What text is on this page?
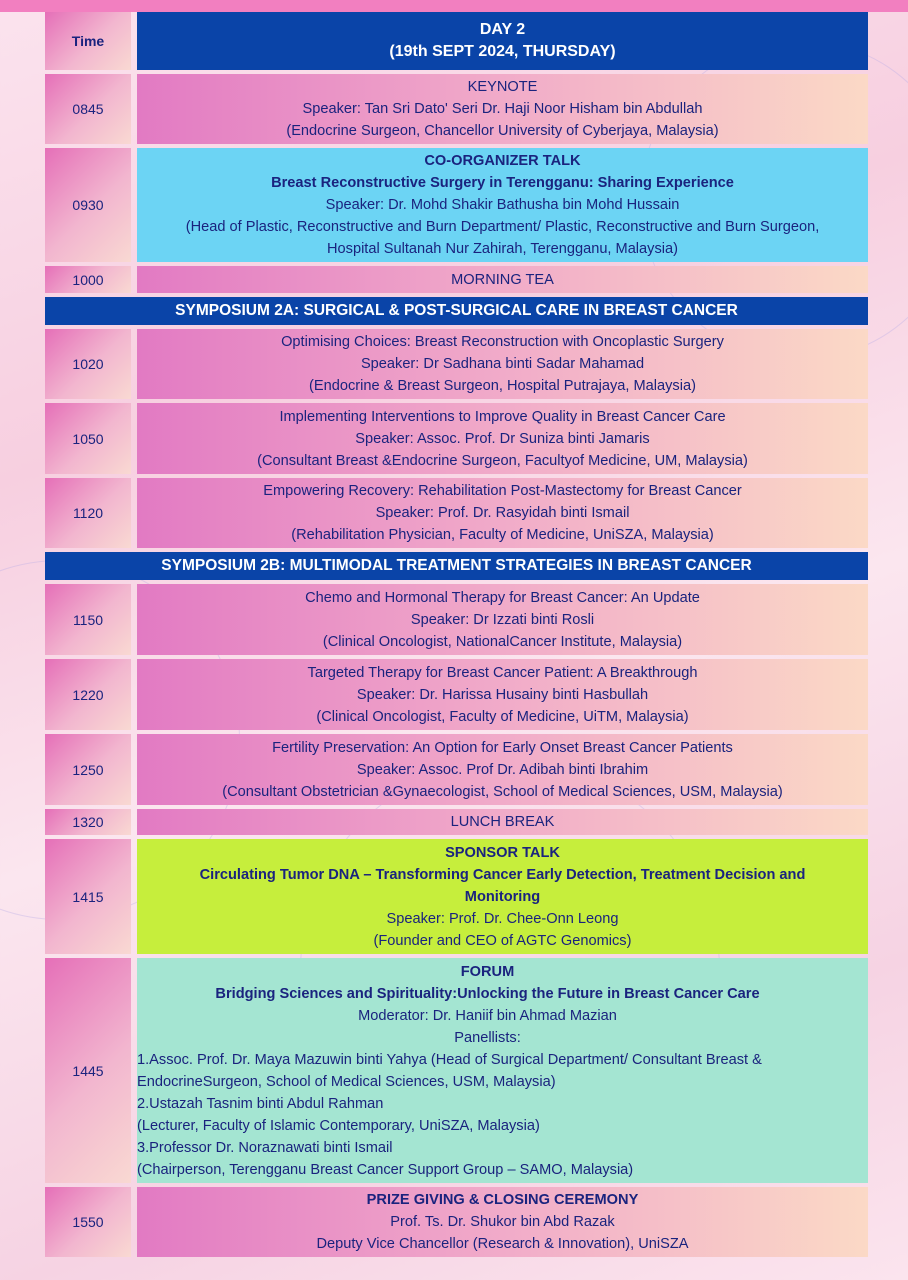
Time
DAY 2
(19th SEPT 2024, THURSDAY)
0845
KEYNOTE
Speaker: Tan Sri Dato' Seri Dr. Haji Noor Hisham bin Abdullah
(Endocrine Surgeon, Chancellor University of Cyberjaya, Malaysia)
0930
CO-ORGANIZER TALK
Breast Reconstructive Surgery in Terengganu: Sharing Experience
Speaker: Dr. Mohd Shakir Bathusha bin Mohd Hussain
(Head of Plastic, Reconstructive and Burn Department/ Plastic, Reconstructive and Burn Surgeon,
Hospital Sultanah Nur Zahirah, Terengganu, Malaysia)
1000	MORNING TEA
SYMPOSIUM 2A: SURGICAL & POST-SURGICAL CARE IN BREAST CANCER
1020
Optimising Choices: Breast Reconstruction with Oncoplastic Surgery
Speaker: Dr Sadhana binti Sadar Mahamad
(Endocrine & Breast Surgeon, Hospital Putrajaya, Malaysia)
1050
Implementing Interventions to Improve Quality in Breast Cancer Care
Speaker: Assoc. Prof. Dr Suniza binti Jamaris
(Consultant Breast &Endocrine Surgeon, Facultyof Medicine, UM, Malaysia)
1120
Empowering Recovery: Rehabilitation Post-Mastectomy for Breast Cancer
Speaker: Prof. Dr. Rasyidah binti Ismail
(Rehabilitation Physician, Faculty of Medicine, UniSZA, Malaysia)
SYMPOSIUM 2B: MULTIMODAL TREATMENT STRATEGIES IN BREAST CANCER
1150
Chemo and Hormonal Therapy for Breast Cancer: An Update
Speaker: Dr Izzati binti Rosli
(Clinical Oncologist, NationalCancer Institute, Malaysia)
1220
Targeted Therapy for Breast Cancer Patient: A Breakthrough
Speaker: Dr. Harissa Husainy binti Hasbullah
(Clinical Oncologist, Faculty of Medicine, UiTM, Malaysia)
1250
Fertility Preservation: An Option for Early Onset Breast Cancer Patients
Speaker: Assoc. Prof Dr. Adibah binti Ibrahim
(Consultant Obstetrician &Gynaecologist, School of Medical Sciences, USM, Malaysia)
1320	LUNCH BREAK
1415
SPONSOR TALK
Circulating Tumor DNA – Transforming Cancer Early Detection, Treatment Decision and Monitoring
Speaker: Prof. Dr. Chee-Onn Leong
(Founder and CEO of AGTC Genomics)
1445
FORUM
Bridging Sciences and Spirituality:Unlocking the Future in Breast Cancer Care
Moderator: Dr. Haniif bin Ahmad Mazian
Panellists:
1.Assoc. Prof. Dr. Maya Mazuwin binti Yahya (Head of Surgical Department/ Consultant Breast & EndocrineSurgeon, School of Medical Sciences, USM, Malaysia)
2.Ustazah Tasnim binti Abdul Rahman
(Lecturer, Faculty of Islamic Contemporary, UniSZA, Malaysia)
3.Professor Dr. Noraznawati binti Ismail
(Chairperson, Terengganu Breast Cancer Support Group – SAMO, Malaysia)
1550
PRIZE GIVING & CLOSING CEREMONY
Prof. Ts. Dr. Shukor bin Abd Razak
Deputy Vice Chancellor (Research & Innovation), UniSZA
